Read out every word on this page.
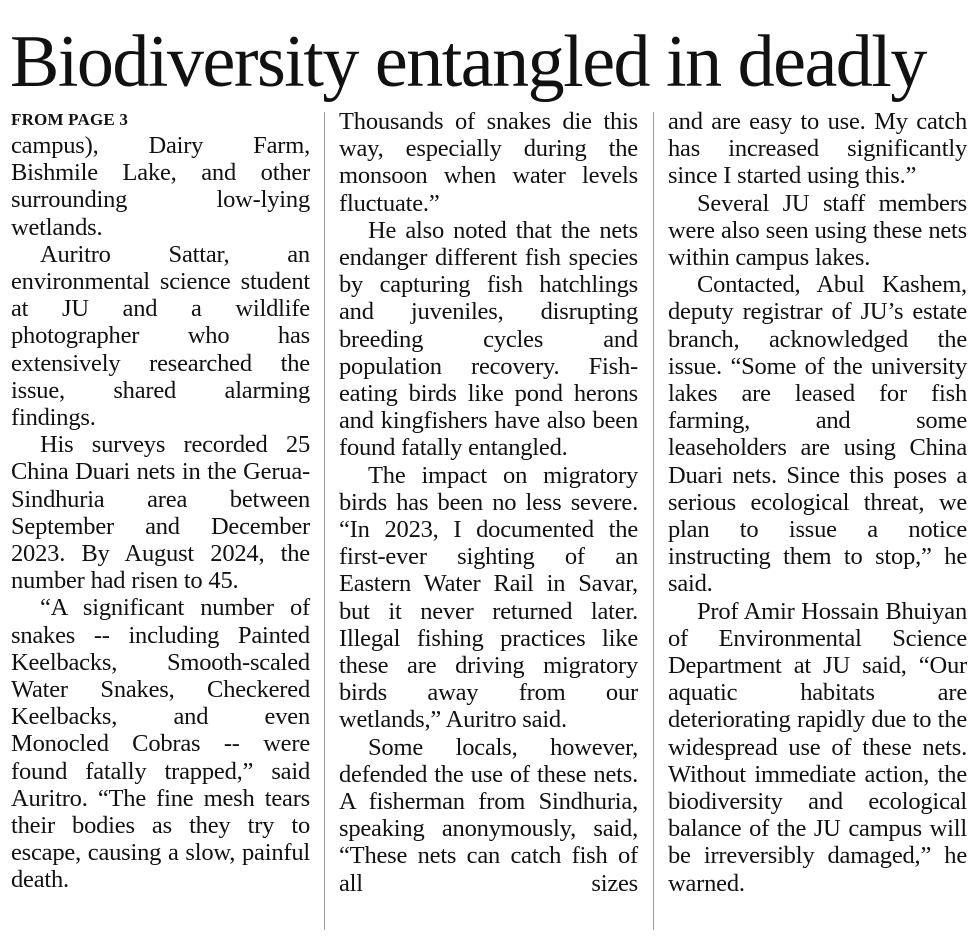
Biodiversity entangled in deadly
FROM PAGE 3

campus), Dairy Farm, Bishmile Lake, and other surrounding low-lying wetlands.

Auritro Sattar, an environmental science student at JU and a wildlife photographer who has extensively researched the issue, shared alarming findings.

His surveys recorded 25 China Duari nets in the Gerua-Sindhuria area between September and December 2023. By August 2024, the number had risen to 45.

“A significant number of snakes -- including Painted Keelbacks, Smooth-scaled Water Snakes, Checkered Keelbacks, and even Monocled Cobras -- were found fatally trapped,” said Auritro. “The fine mesh tears their bodies as they try to escape, causing a slow, painful death.

Thousands of snakes die this way, especially during the monsoon when water levels fluctuate.”

He also noted that the nets endanger different fish species by capturing fish hatchlings and juveniles, disrupting breeding cycles and population recovery. Fish-eating birds like pond herons and kingfishers have also been found fatally entangled.

The impact on migratory birds has been no less severe. “In 2023, I documented the first-ever sighting of an Eastern Water Rail in Savar, but it never returned later. Illegal fishing practices like these are driving migratory birds away from our wetlands,” Auritro said.

Some locals, however, defended the use of these nets. A fisherman from Sindhuria, speaking anonymously, said, “These nets can catch fish of all sizes

and are easy to use. My catch has increased significantly since I started using this.”

Several JU staff members were also seen using these nets within campus lakes.

Contacted, Abul Kashem, deputy registrar of JU’s estate branch, acknowledged the issue. “Some of the university lakes are leased for fish farming, and some leaseholders are using China Duari nets. Since this poses a serious ecological threat, we plan to issue a notice instructing them to stop,” he said.

Prof Amir Hossain Bhuiyan of Environmental Science Department at JU said, “Our aquatic habitats are deteriorating rapidly due to the widespread use of these nets. Without immediate action, the biodiversity and ecological balance of the JU campus will be irreversibly damaged,” he warned.
